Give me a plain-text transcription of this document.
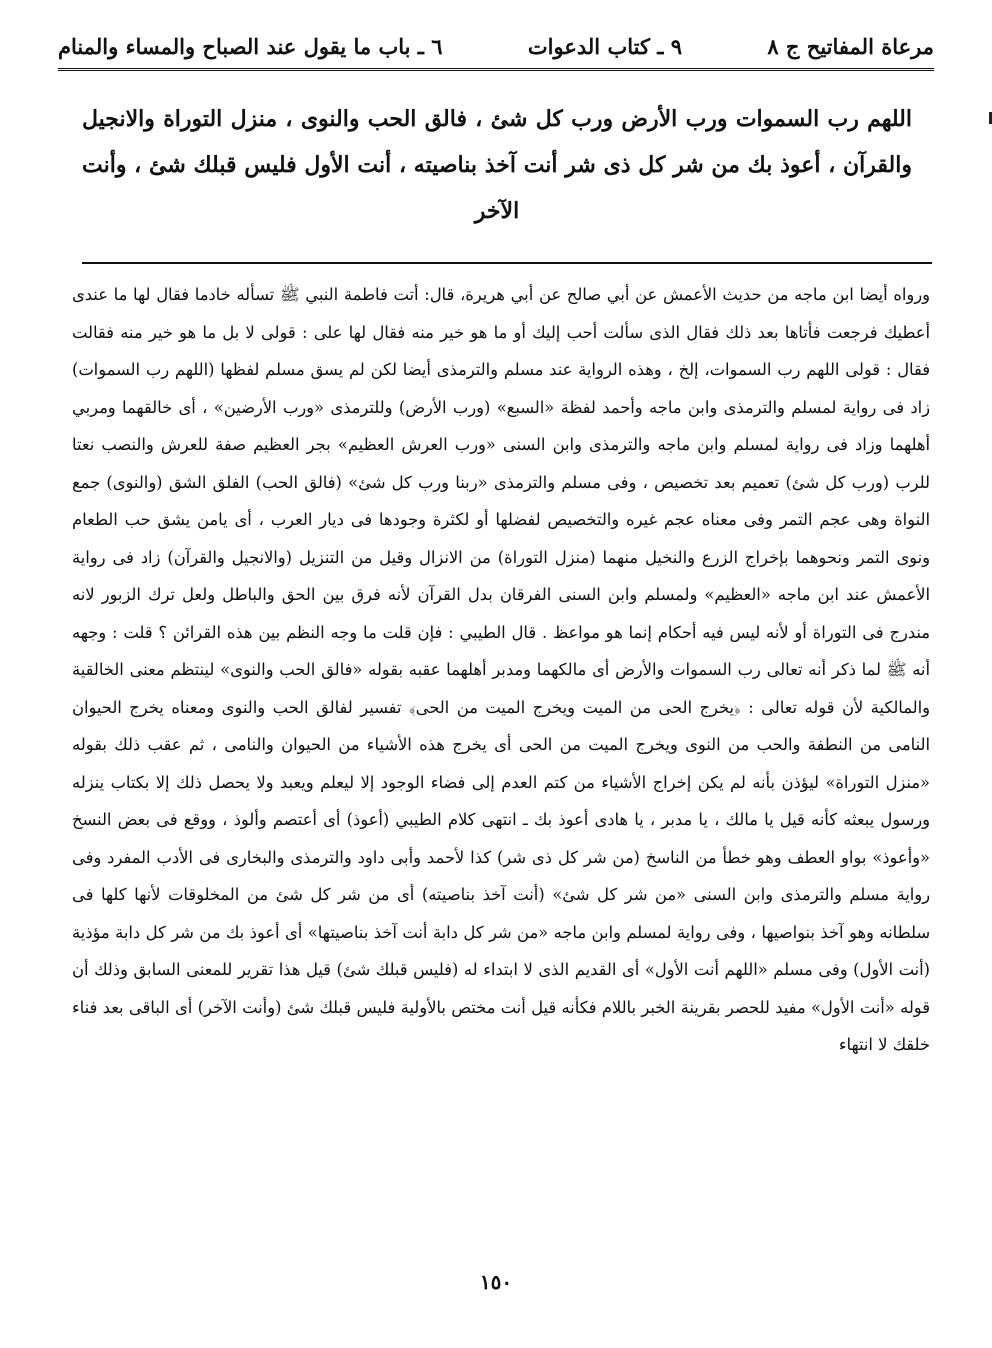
مرعاة المفاتيح ج ٨
٩ ـ كتاب الدعوات
٦ ـ باب ما يقول عند الصباح والمساء والمنام
اللهم رب السموات ورب الأرض ورب كل شئ ، فالق الحب والنوى ، منزل التوراة والانجيل والقرآن ، أعوذ بك من شر كل ذى شر أنت آخذ بناصيته ، أنت الأول فليس قبلك شئ ، وأنت الآخر

ورواه أيضا ابن ماجه من حديث الأعمش عن أبي صالح عن أبي هريرة، قال: أتت فاطمة النبي ﷺ تسأله خادما فقال لها ما عندى أعطيك فرجعت فأتاها بعد ذلك فقال الذى سألت أحب إليك أو ما هو خير منه فقال لها على : قولى لا بل ما هو خير منه فقالت فقال : قولى اللهم رب السموات، إلخ ، وهذه الرواية عند مسلم والترمذى أيضا لكن لم يسق مسلم لفظها (اللهم رب السموات) زاد فى رواية لمسلم والترمذى وابن ماجه وأحمد لفظة «السبع» (ورب الأرض) وللترمذى «ورب الأرضين» ، أى خالقهما ومربي أهلهما وزاد فى رواية لمسلم وابن ماجه والترمذى وابن السنى «ورب العرش العظيم» بجر العظيم صفة للعرش والنصب نعتا للرب (ورب كل شئ) تعميم بعد تخصيص ، وفى مسلم والترمذى «ربنا ورب كل شئ» (فالق الحب) الفلق الشق (والنوى) جمع النواة وهى عجم التمر وفى معناه عجم غيره والتخصيص لفضلها أو لكثرة وجودها فى ديار العرب ، أى يامن يشق حب الطعام ونوى التمر ونحوهما بإخراج الزرع والنخيل منهما (منزل التوراة) من الانزال وقيل من التنزيل (والانجيل والقرآن) زاد فى رواية الأعمش عند ابن ماجه «العظيم» ولمسلم وابن السنى الفرقان بدل القرآن لأنه فرق بين الحق والباطل ولعل ترك الزبور لانه مندرج فى التوراة أو لأنه ليس فيه أحكام إنما هو مواعظ . قال الطيبي : فإن قلت ما وجه النظم بين هذه القرائن ؟ قلت : وجهه أنه ﷺ لما ذكر أنه تعالى رب السموات والأرض أى مالكهما ومدبر أهلهما عقبه بقوله «فالق الحب والنوى» لينتظم معنى الخالقية والمالكية لأن قوله تعالى : ﴿يخرج الحى من الميت ويخرج الميت من الحى﴾ تفسير لفالق الحب والنوى ومعناه يخرج الحيوان النامى من النطفة والحب من النوى ويخرج الميت من الحى أى يخرج هذه الأشياء من الحيوان والنامى ، ثم عقب ذلك بقوله «منزل التوراة» ليؤذن بأنه لم يكن إخراج الأشياء من كتم العدم إلى فضاء الوجود إلا ليعلم ويعبد ولا يحصل ذلك إلا بكتاب ينزله ورسول يبعثه كأنه قيل يا مالك ، يا مدبر ، يا هادى أعوذ بك ـ انتهى كلام الطيبي (أعوذ) أى أعتصم وألوذ ، ووقع فى بعض النسخ «وأعوذ» بواو العطف وهو خطأ من الناسخ (من شر كل ذى شر) كذا لأحمد وأبى داود والترمذى والبخارى فى الأدب المفرد وفى رواية مسلم والترمذى وابن السنى «من شر كل شئ» (أنت آخذ بناصيته) أى من شر كل شئ من المخلوقات لأنها كلها فى سلطانه وهو آخذ بنواصيها ، وفى رواية لمسلم وابن ماجه «من شر كل دابة أنت آخذ بناصيتها» أى أعوذ بك من شر كل دابة مؤذية (أنت الأول) وفى مسلم «اللهم أنت الأول» أى القديم الذى لا ابتداء له (فليس قبلك شئ) قيل هذا تقرير للمعنى السابق وذلك أن قوله «أنت الأول» مفيد للحصر بقرينة الخبر باللام فكأنه قيل أنت مختص بالأولية فليس قبلك شئ (وأنت الآخر) أى الباقى بعد فناء خلقك لا انتهاء

١٥٠
